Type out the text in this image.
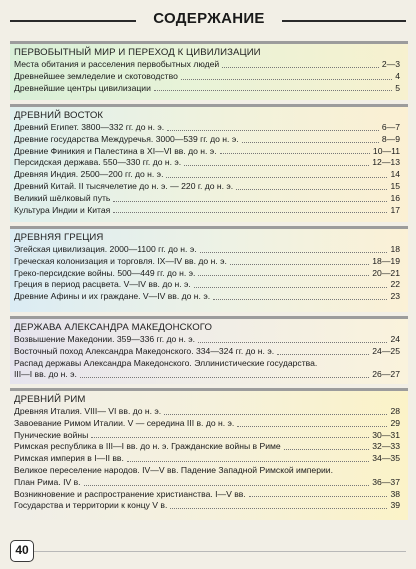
СОДЕРЖАНИЕ
ПЕРВОБЫТНЫЙ МИР И ПЕРЕХОД К ЦИВИЛИЗАЦИИ
Места обитания и расселения первобытных людей	2—3
Древнейшее земледелие и скотоводство	4
Древнейшие центры цивилизации	5
ДРЕВНИЙ ВОСТОК
Древний Египет. 3800—332 гг. до н. э.	6—7
Древние государства Междуречья. 3000—539 гг. до н. э.	8—9
Древние Финикия и Палестина в XI—VI вв. до н. э.	10—11
Персидская держава. 550—330 гг. до н. э.	12—13
Древняя Индия. 2500—200 гг. до н. э.	14
Древний Китай. II тысячелетие до н. э. — 220 г. до н. э.	15
Великий шёлковый путь	16
Культура Индии и Китая	17
ДРЕВНЯЯ ГРЕЦИЯ
Эгейская цивилизация. 2000—1100 гг. до н. э.	18
Греческая колонизация и торговля. IX—IV вв. до н. э.	18—19
Греко-персидские войны. 500—449 гг. до н. э.	20—21
Греция в период расцвета. V—IV вв. до н. э.	22
Древние Афины и их граждане. V—IV вв. до н. э.	23
ДЕРЖАВА АЛЕКСАНДРА МАКЕДОНСКОГО
Возвышение Македонии. 359—336 гг. до н. э.	24
Восточный поход Александра Македонского. 334—324 гг. до н. э.	24—25
Распад державы Александра Македонского. Эллинистические государства.
III—I вв. до н. э.	26—27
ДРЕВНИЙ РИМ
Древняя Италия. VIII— VI вв. до н. э.	28
Завоевание Римом Италии. V — середина III в. до н. э.	29
Пунические войны	30—31
Римская республика в III—I вв. до н. э. Гражданские войны в Риме	32—33
Римская империя в I—II вв.	34—35
Великое переселение народов. IV—V вв. Падение Западной Римской империи.
План Рима. IV в.	36—37
Возникновение и распространение христианства. I—V вв.	38
Государства и территории к концу V в.	39
40
